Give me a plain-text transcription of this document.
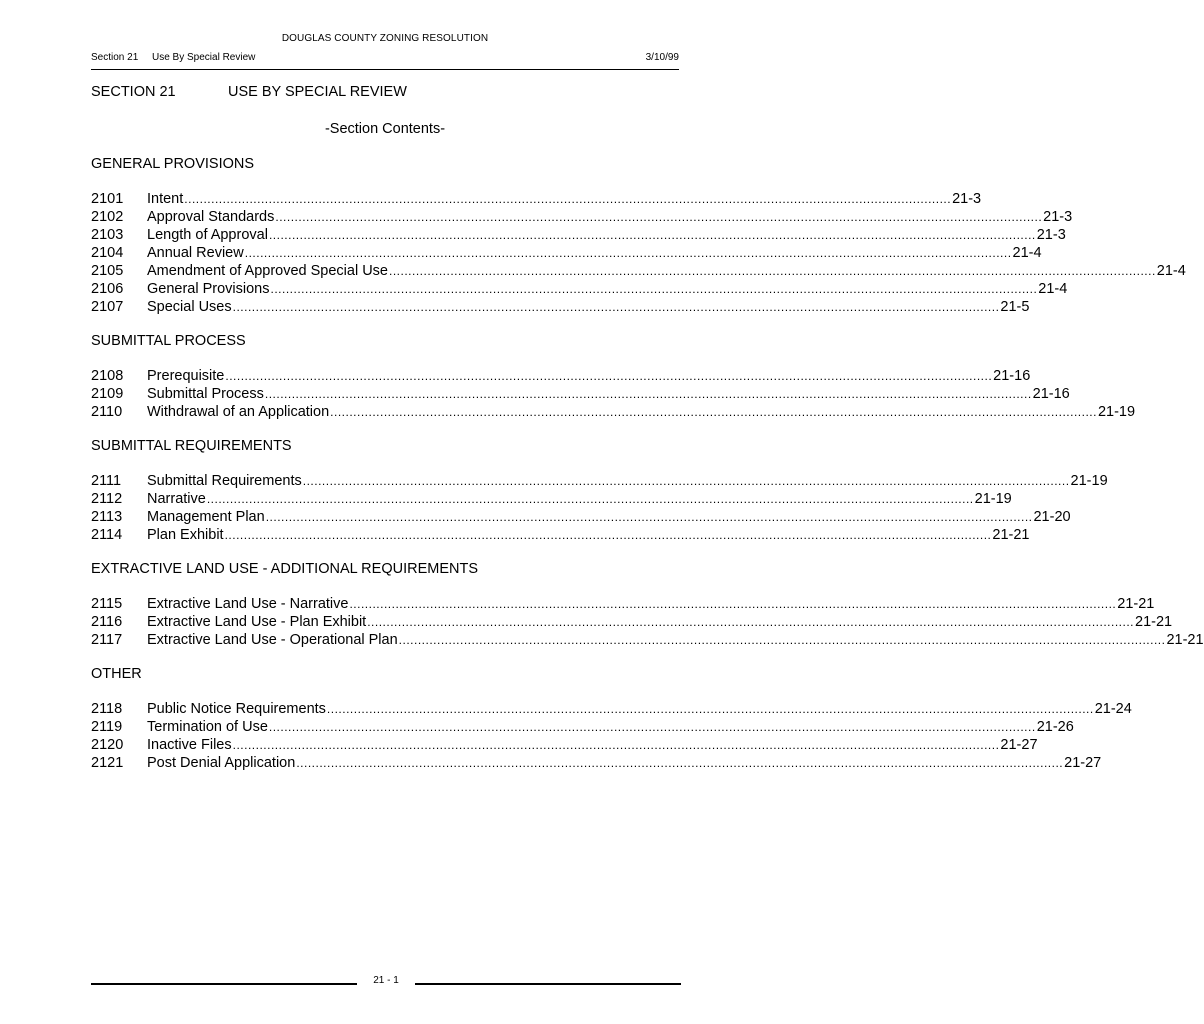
DOUGLAS COUNTY ZONING RESOLUTION
Section 21 Use By Special Review	3/10/99
SECTION 21	USE BY SPECIAL REVIEW
-Section Contents-
GENERAL PROVISIONS
2101	Intent ........................................................................................................................................................................................................ 21-3
2102	Approval Standards ........................................................................................................................................................................................................ 21-3
2103	Length of Approval ........................................................................................................................................................................................................ 21-3
2104	Annual Review ........................................................................................................................................................................................................ 21-4
2105	Amendment of Approved Special Use ........................................................................................................................................................................................................ 21-4
2106	General Provisions ........................................................................................................................................................................................................ 21-4
2107	Special Uses ........................................................................................................................................................................................................ 21-5
SUBMITTAL PROCESS
2108	Prerequisite ........................................................................................................................................................................................................ 21-16
2109	Submittal Process ........................................................................................................................................................................................................ 21-16
2110	Withdrawal of an Application ........................................................................................................................................................................................................ 21-19
SUBMITTAL REQUIREMENTS
2111	Submittal Requirements ........................................................................................................................................................................................................ 21-19
2112	Narrative ........................................................................................................................................................................................................ 21-19
2113	Management Plan ........................................................................................................................................................................................................ 21-20
2114	Plan Exhibit ........................................................................................................................................................................................................ 21-21
EXTRACTIVE LAND USE - ADDITIONAL REQUIREMENTS
2115	Extractive Land Use - Narrative ........................................................................................................................................................................................................ 21-21
2116	Extractive Land Use - Plan Exhibit ........................................................................................................................................................................................................ 21-21
2117	Extractive Land Use - Operational Plan ........................................................................................................................................................................................................ 21-21
OTHER
2118	Public Notice Requirements ........................................................................................................................................................................................................ 21-24
2119	Termination of Use ........................................................................................................................................................................................................ 21-26
2120	Inactive Files ........................................................................................................................................................................................................ 21-27
2121	Post Denial Application ........................................................................................................................................................................................................ 21-27
21 - 1
